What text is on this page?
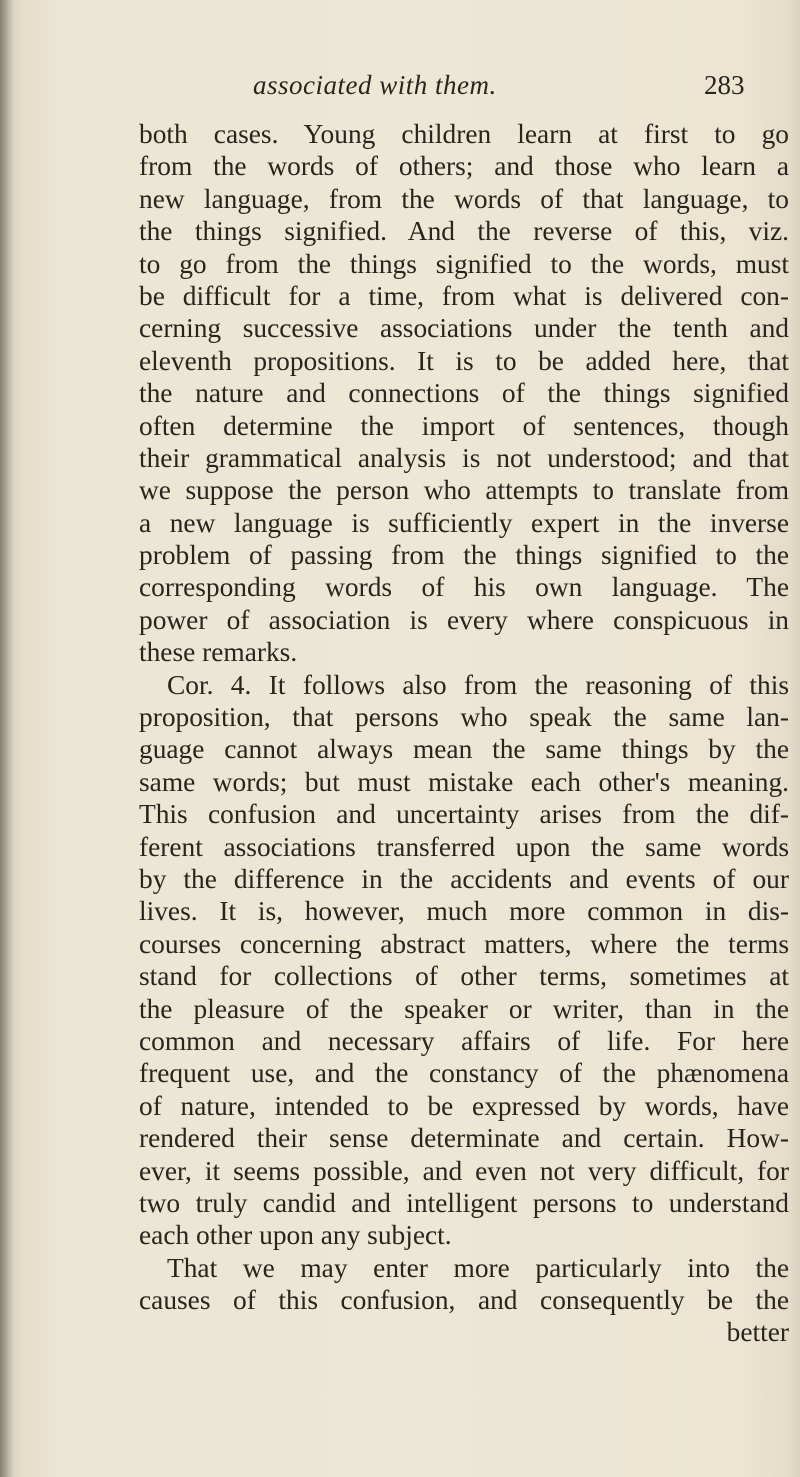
associated with them.	283
both cases. Young children learn at first to go
from the words of others; and those who learn a
new language, from the words of that language, to
the things signified. And the reverse of this, viz.
to go from the things signified to the words, must
be difficult for a time, from what is delivered con-
cerning successive associations under the tenth and
eleventh propositions. It is to be added here, that
the nature and connections of the things signified
often determine the import of sentences, though
their grammatical analysis is not understood; and that
we suppose the person who attempts to translate from
a new language is sufficiently expert in the inverse
problem of passing from the things signified to the
corresponding words of his own language. The
power of association is every where conspicuous in
these remarks.
Cor. 4. It follows also from the reasoning of this
proposition, that persons who speak the same lan-
guage cannot always mean the same things by the
same words; but must mistake each other's meaning.
This confusion and uncertainty arises from the dif-
ferent associations transferred upon the same words
by the difference in the accidents and events of our
lives. It is, however, much more common in dis-
courses concerning abstract matters, where the terms
stand for collections of other terms, sometimes at
the pleasure of the speaker or writer, than in the
common and necessary affairs of life. For here
frequent use, and the constancy of the phænomena
of nature, intended to be expressed by words, have
rendered their sense determinate and certain. How-
ever, it seems possible, and even not very difficult, for
two truly candid and intelligent persons to understand
each other upon any subject.
That we may enter more particularly into the
causes of this confusion, and consequently be the
better
